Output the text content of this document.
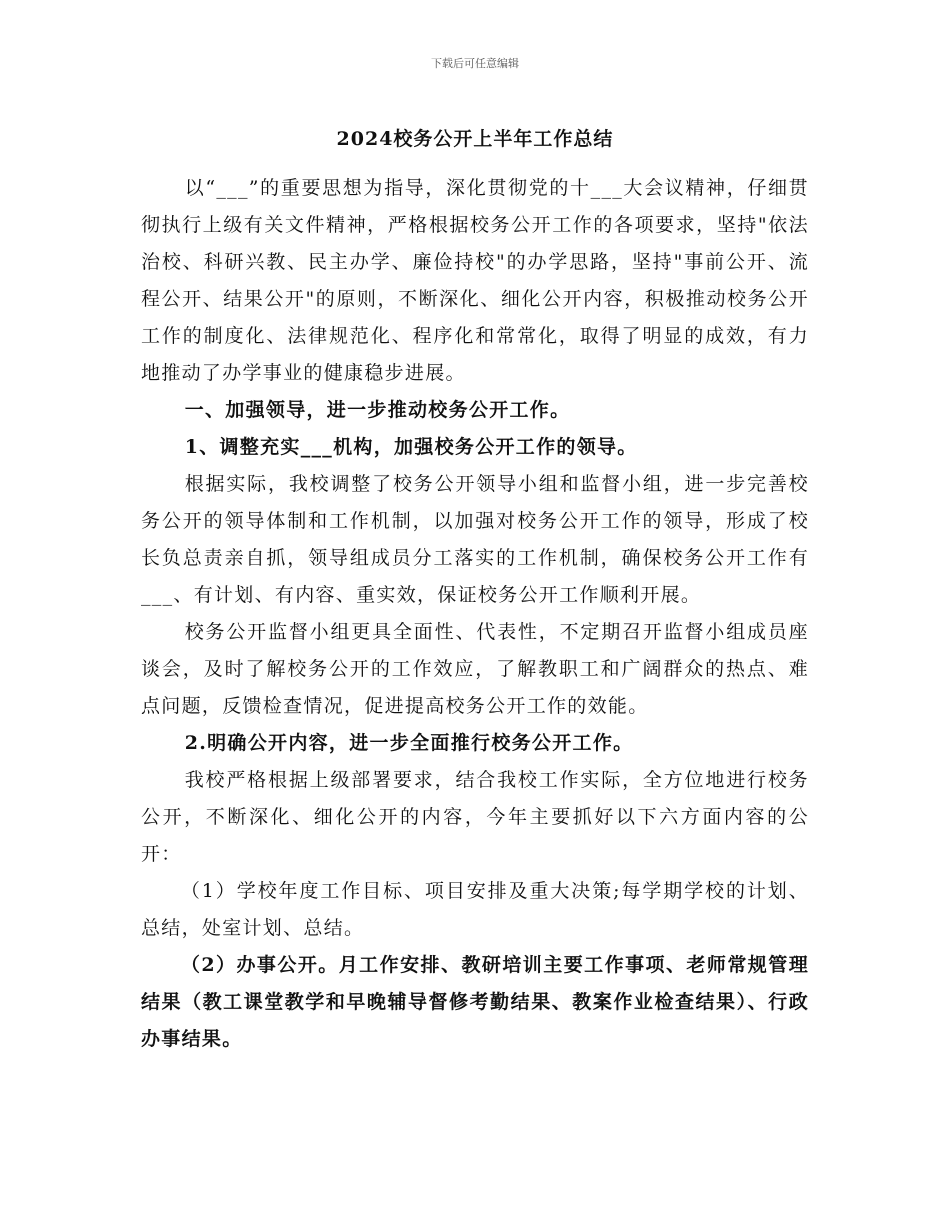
下载后可任意编辑
2024校务公开上半年工作总结

以“___”的重要思想为指导，深化贯彻党的十___大会议精神，仔细贯彻执行上级有关文件精神，严格根据校务公开工作的各项要求，坚持"依法治校、科研兴教、民主办学、廉俭持校"的办学思路，坚持"事前公开、流程公开、结果公开"的原则，不断深化、细化公开内容，积极推动校务公开工作的制度化、法律规范化、程序化和常常化，取得了明显的成效，有力地推动了办学事业的健康稳步进展。

一、加强领导，进一步推动校务公开工作。

1、调整充实___机构，加强校务公开工作的领导。

根据实际，我校调整了校务公开领导小组和监督小组，进一步完善校务公开的领导体制和工作机制，以加强对校务公开工作的领导，形成了校长负总责亲自抓，领导组成员分工落实的工作机制，确保校务公开工作有___、有计划、有内容、重实效，保证校务公开工作顺利开展。

校务公开监督小组更具全面性、代表性，不定期召开监督小组成员座谈会，及时了解校务公开的工作效应，了解教职工和广阔群众的热点、难点问题，反馈检查情况，促进提高校务公开工作的效能。

2.明确公开内容，进一步全面推行校务公开工作。

我校严格根据上级部署要求，结合我校工作实际，全方位地进行校务公开，不断深化、细化公开的内容，今年主要抓好以下六方面内容的公开：

（1）学校年度工作目标、项目安排及重大决策;每学期学校的计划、总结，处室计划、总结。

（2）办事公开。月工作安排、教研培训主要工作事项、老师常规管理结果（教工课堂教学和早晚辅导督修考勤结果、教案作业检查结果）、行政办事结果。
